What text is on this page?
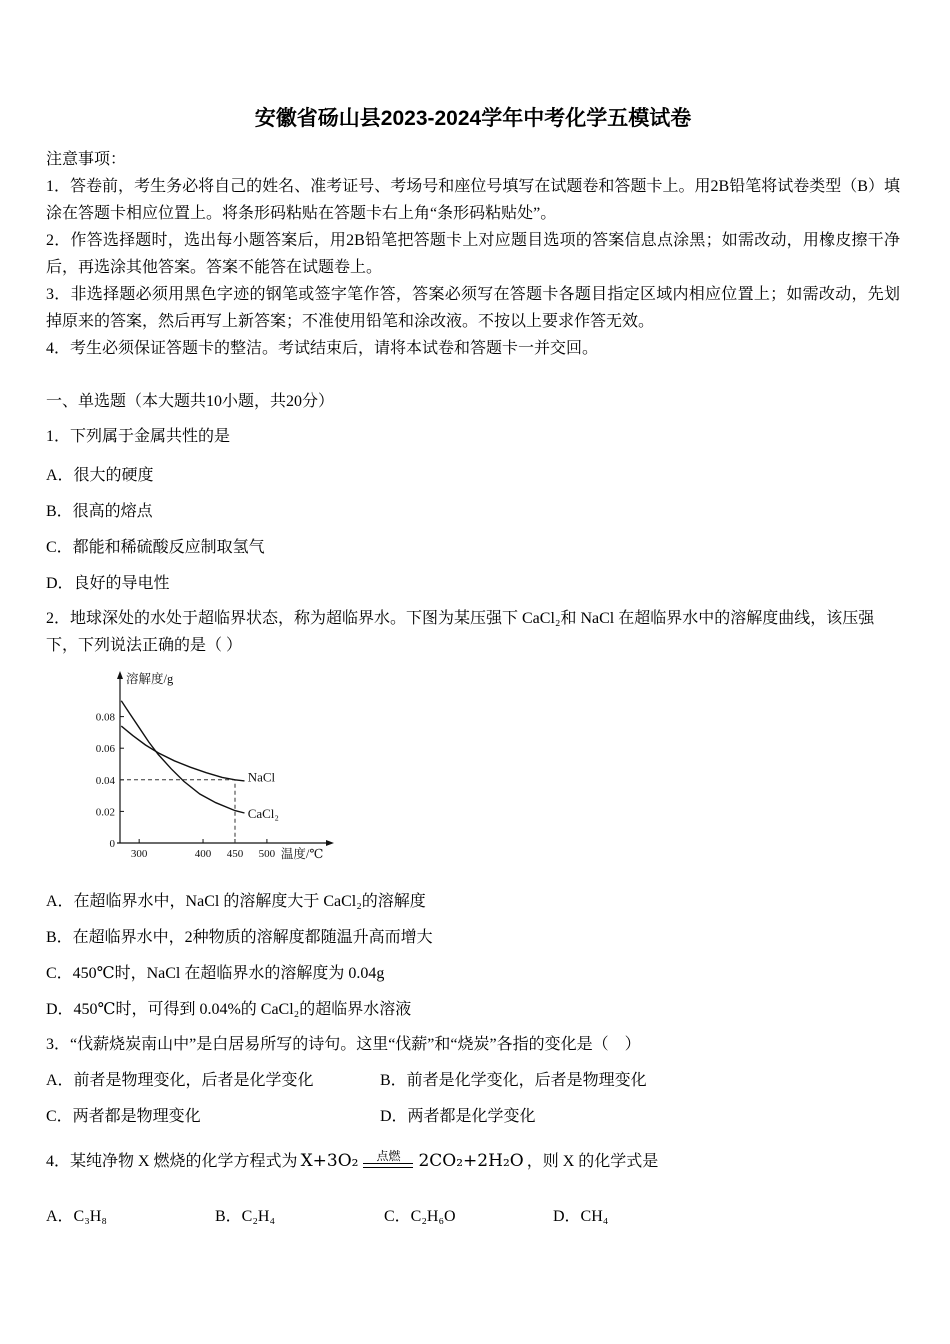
安徽省砀山县2023-2024学年中考化学五模试卷

注意事项：

1．答卷前，考生务必将自己的姓名、准考证号、考场号和座位号填写在试题卷和答题卡上。用2B铅笔将试卷类型（B）填涂在答题卡相应位置上。将条形码粘贴在答题卡右上角“条形码粘贴处”。

2．作答选择题时，选出每小题答案后，用2B铅笔把答题卡上对应题目选项的答案信息点涂黑；如需改动，用橡皮擦干净后，再选涂其他答案。答案不能答在试题卷上。

3．非选择题必须用黑色字迹的钢笔或签字笔作答，答案必须写在答题卡各题目指定区域内相应位置上；如需改动，先划掉原来的答案，然后再写上新答案；不准使用铅笔和涂改液。不按以上要求作答无效。

4．考生必须保证答题卡的整洁。考试结束后，请将本试卷和答题卡一并交回。

一、单选题（本大题共10小题，共20分）

1．下列属于金属共性的是

A．很大的硬度

B．很高的熔点

C．都能和稀硫酸反应制取氢气

D．良好的导电性

2．地球深处的水处于超临界状态，称为超临界水。下图为某压强下 CaCl₂和 NaCl 在超临界水中的溶解度曲线，该压强下，下列说法正确的是（ ）

0
0.02
0.04
0.06
0.08
300	400 450 500
NaCl
CaCl₂
溶解度/g
温度/℃

A．在超临界水中，NaCl 的溶解度大于 CaCl₂的溶解度

B．在超临界水中，2种物质的溶解度都随温升高而增大

C．450℃时，NaCl 在超临界水的溶解度为 0.04g

D．450℃时，可得到 0.04%的 CaCl₂的超临界水溶液

3．“伐薪烧炭南山中”是白居易所写的诗句。这里“伐薪”和“烧炭”各指的变化是（　）

A．前者是物理变化，后者是化学变化	B．前者是化学变化，后者是物理变化

C．两者都是物理变化	D．两者都是化学变化

4．某纯净物 X 燃烧的化学方程式为 X+3O₂ 点燃 2CO₂+2H₂O ，则 X 的化学式是

A．C₃H₈	B．C₂H₄	C．C₂H₆O	D．CH₄
